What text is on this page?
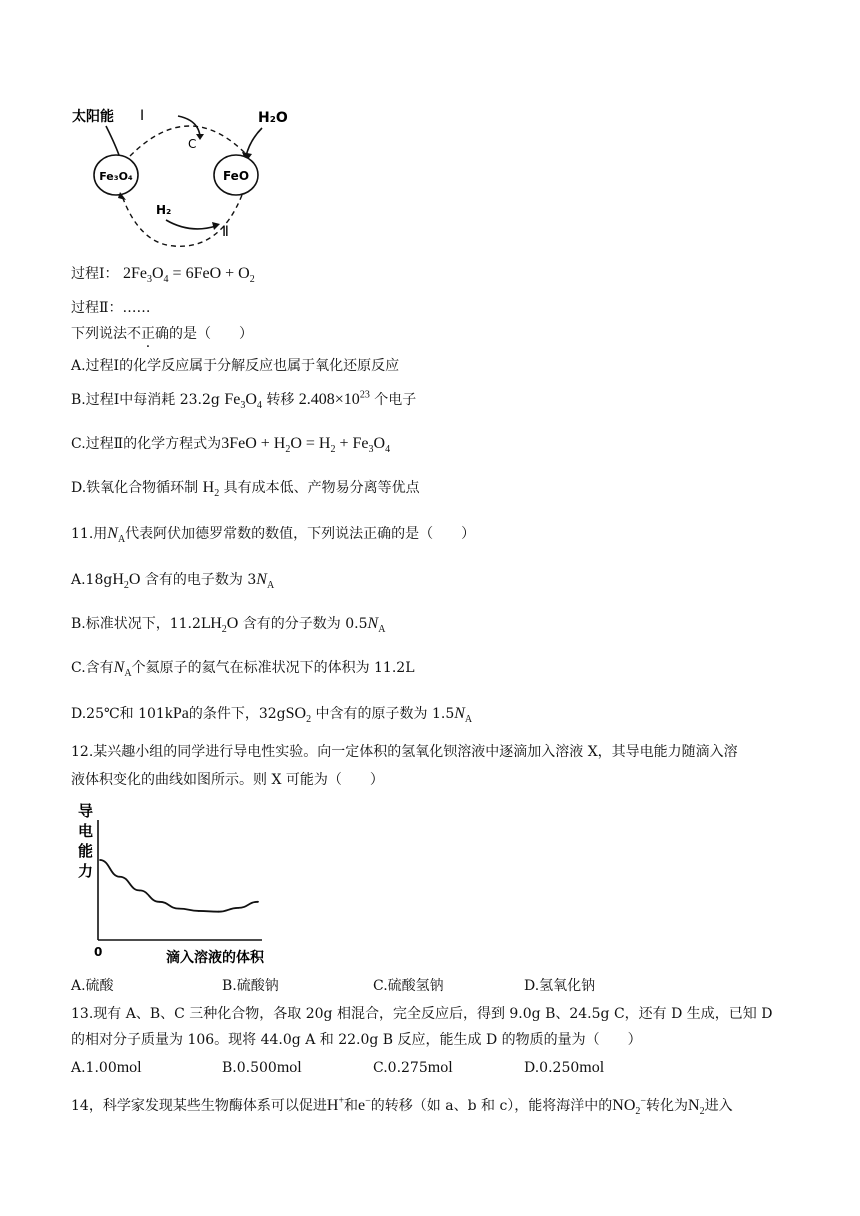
太阳能 Ⅰ
C
H₂O
Fe₃O₄	FeO
H₂
Ⅱ
过程Ⅰ： $2Fe_3O_4 = 6FeO + O_2$
过程Ⅱ：……
下列说法不正确的是（　　）
A.过程Ⅰ的化学反应属于分解反应也属于氧化还原反应
B.过程Ⅰ中每消耗 23.2g $Fe_3O_4$ 转移 $2.408\times 10^{23}$ 个电子
C.过程Ⅱ的化学方程式为$3FeO + H_2O = H_2 + Fe_3O_4$
D.铁氧化合物循环制 $H_2$ 具有成本低、产物易分离等优点
11.用$N_A$代表阿伏加德罗常数的数值，下列说法正确的是（　　）
$A.18gH_2O$ 含有的电子数为 $3N_A$
B.标准状况下，$11.2LH_2O$ 含有的分子数为 $0.5N_A$
C.含有$N_A$个氦原子的氦气在标准状况下的体积为 11.2L
D.25℃和 101kPa的条件下，32gSO$_2$ 中含有的原子数为 $1.5N_A$
12.某兴趣小组的同学进行导电性实验。向一定体积的氢氧化钡溶液中逐滴加入溶液 X，其导电能力随滴入溶
液体积变化的曲线如图所示。则 X 可能为（　　）
导
电
能
力
0	滴入溶液的体积
A.硫酸	B.硫酸钠	C.硫酸氢钠	D.氢氧化钠
13.现有 A、B、C 三种化合物，各取 20g 相混合，完全反应后，得到 9.0g B、24.5g C，还有 D 生成，已知 D
的相对分子质量为 106。现将 44.0g A 和 22.0g B 反应，能生成 D 的物质的量为（　　）
A.1.00mol	B.0.500mol	C.0.275mol	D.0.250mol
14，科学家发现某些生物酶体系可以促进H+和e−的转移（如 a、b 和 c），能将海洋中的$NO_2^-$转化为$N_2$进入
